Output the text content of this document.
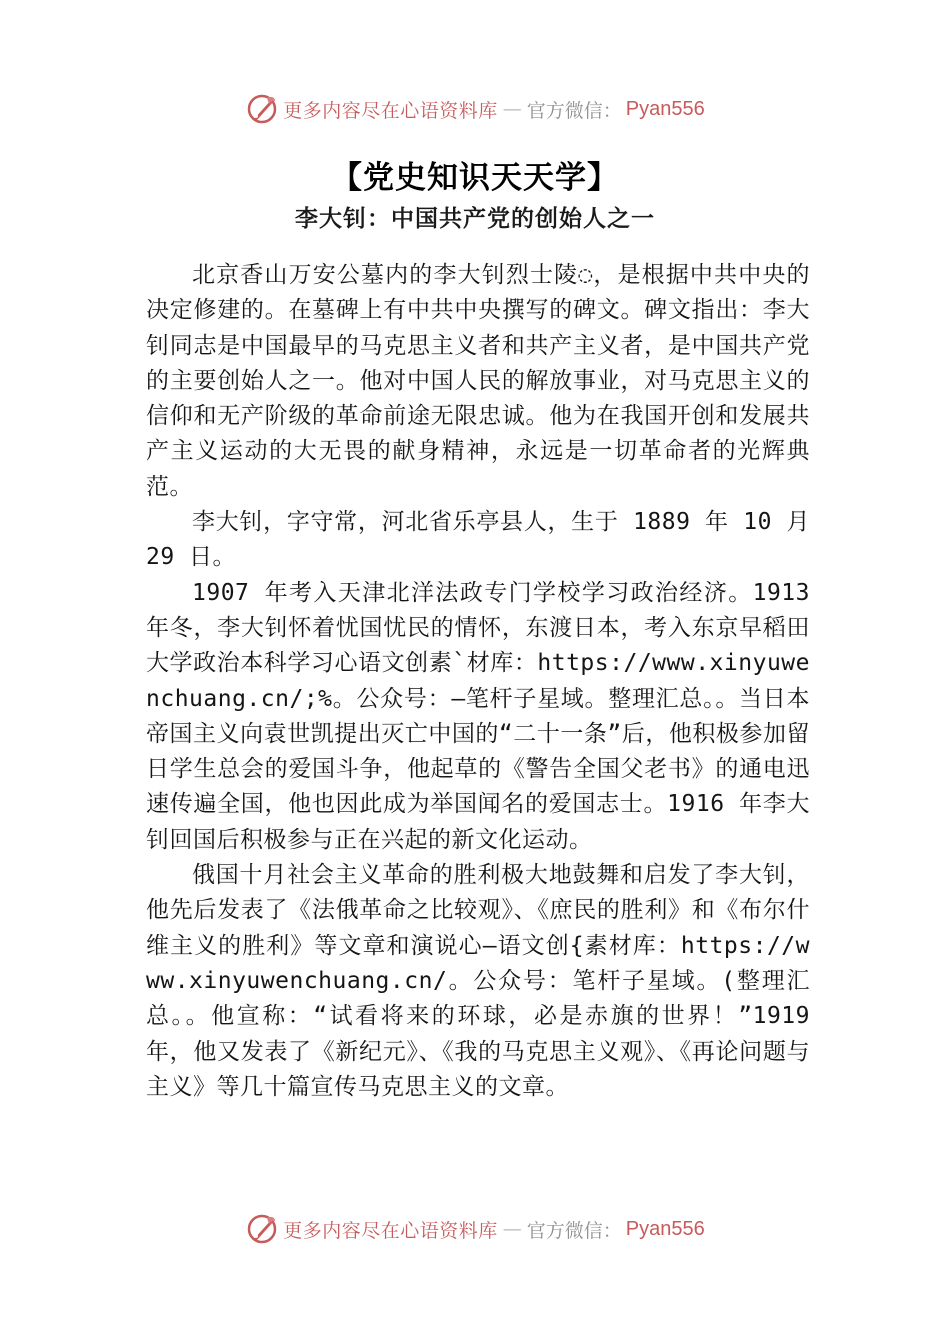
更多内容尽在心语资料库 — 官方微信： Pyan556
【党史知识天天学】
李大钊：中国共产党的创始人之一

北京香山万安公墓内的李大钊烈士陵◌，是根据中共中央的决定修建的。在墓碑上有中共中央撰写的碑文。碑文指出：李大钊同志是中国最早的马克思主义者和共产主义者，是中国共产党的主要创始人之一。他对中国人民的解放事业，对马克思主义的信仰和无产阶级的革命前途无限忠诚。他为在我国开创和发展共产主义运动的大无畏的献身精神，永远是一切革命者的光辉典范。

李大钊，字守常，河北省乐亭县人，生于 1889 年 10 月 29 日。

1907 年考入天津北洋法政专门学校学习政治经济。1913 年冬，李大钊怀着忧国忧民的情怀，东渡日本，考入东京早稻田大学政治本科学习心语文创素`材库：https://www.xinyuwenchuang.cn/;%。公众号：—笔杆子星域。整理汇总。。当日本帝国主义向袁世凯提出灭亡中国的“二十一条”后，他积极参加留日学生总会的爱国斗争，他起草的《警告全国父老书》的通电迅速传遍全国，他也因此成为举国闻名的爱国志士。1916 年李大钊回国后积极参与正在兴起的新文化运动。

俄国十月社会主义革命的胜利极大地鼓舞和启发了李大钊，他先后发表了《法俄革命之比较观》、《庶民的胜利》和《布尔什维主义的胜利》等文章和演说心—语文创{素材库：https://www.xinyuwenchuang.cn/。公众号：笔杆子星域。(整理汇总。。他宣称：“试看将来的环球，必是赤旗的世界！”1919 年，他又发表了《新纪元》、《我的马克思主义观》、《再论问题与主义》等几十篇宣传马克思主义的文章。

更多内容尽在心语资料库 — 官方微信： Pyan556
